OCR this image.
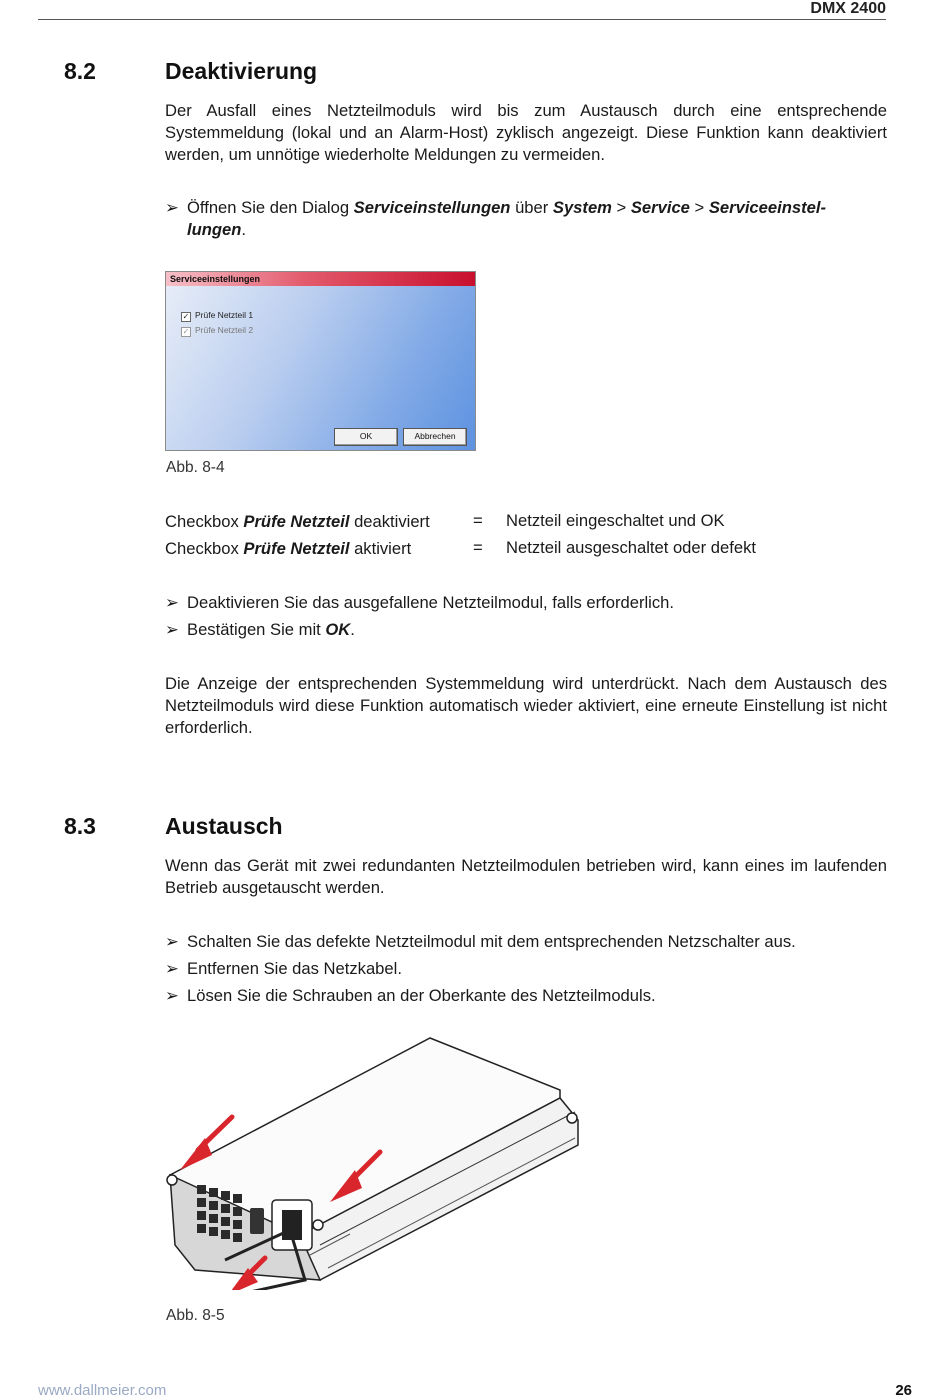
DMX 2400
8.2	Deaktivierung
Der Ausfall eines Netzteilmoduls wird bis zum Austausch durch eine entsprechende Systemmeldung (lokal und an Alarm-Host) zyklisch angezeigt. Diese Funktion kann deaktiviert werden, um unnötige wiederholte Meldungen zu vermeiden.
➢ Öffnen Sie den Dialog Serviceinstellungen über System > Service > Serviceeinstel-
lungen.
Serviceeinstellungen
✓ Prüfe Netzteil 1
✓ Prüfe Netzteil 2
OK	Abbrechen
Abb. 8-4
Checkbox Prüfe Netzteil deaktiviert	= Netzteil eingeschaltet und OK
Checkbox Prüfe Netzteil aktiviert	= Netzteil ausgeschaltet oder defekt
➢ Deaktivieren Sie das ausgefallene Netzteilmodul, falls erforderlich.
➢ Bestätigen Sie mit OK.
Die Anzeige der entsprechenden Systemmeldung wird unterdrückt. Nach dem Austausch des Netzteilmoduls wird diese Funktion automatisch wieder aktiviert, eine erneute Einstellung ist nicht erforderlich.
8.3	Austausch
Wenn das Gerät mit zwei redundanten Netzteilmodulen betrieben wird, kann eines im laufenden Betrieb ausgetauscht werden.
➢ Schalten Sie das defekte Netzteilmodul mit dem entsprechenden Netzschalter aus.
➢ Entfernen Sie das Netzkabel.
➢ Lösen Sie die Schrauben an der Oberkante des Netzteilmoduls.
Abb. 8-5
www.dallmeier.com	26
